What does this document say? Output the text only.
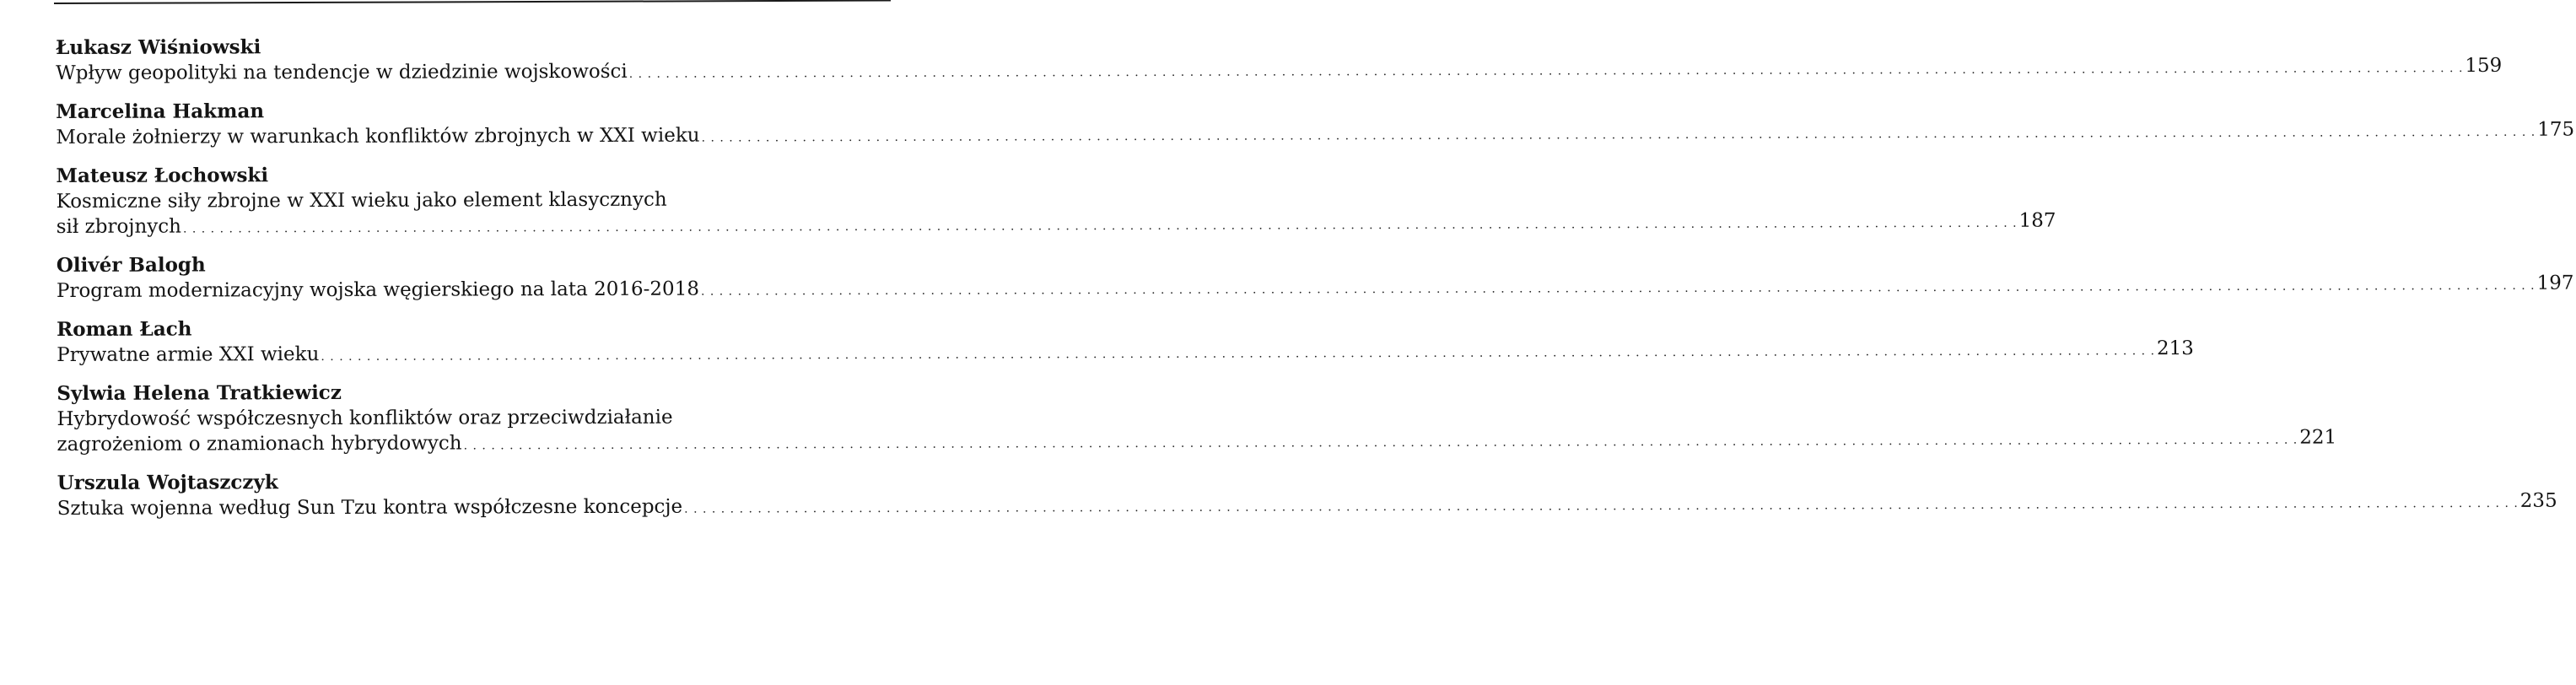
Łukasz Wiśniowski
Wpływ geopolityki na tendencje w dziedzinie wojskowości . . . . . . . . . . . . . . . . . . . . . . . . . . . . . . . . . . . . . . . . . . . . . . . . . . . . . . . . . . . . . . . . . . . . . . . . . . . . . . . . . . . . . . . . . . . . . . . . . . . . . . . . . . . . . . . . . . . . . . . . . . . . . . . . . . . . . . . . . . . . . . . . . . . . . . . . . . . . . . . . . . . . . . . . . . . . . . . . . . . . . . . . . . . . . . . . . . . . . . . . 159
Marcelina Hakman
Morale żołnierzy w warunkach konfliktów zbrojnych w XXI wieku . . . . . . . . . . . . . . . . . . . . . . . . . . . . . . . . . . . . . . . . . . . . . . . . . . . . . . . . . . . . . . . . . . . . . . . . . . . . . . . . . . . . . . . . . . . . . . . . . . . . . . . . . . . . . . . . . . . . . . . . . . . . . . . . . . . . . . . . . . . . . . . . . . . . . . . . . . . . . . . . . . . . . . . . . . . . . . . . . . . . . . . . . . . . . . . . . . . . . . . . 175
Mateusz Łochowski
Kosmiczne siły zbrojne w XXI wieku jako element klasycznych
sił zbrojnych . . . . . . . . . . . . . . . . . . . . . . . . . . . . . . . . . . . . . . . . . . . . . . . . . . . . . . . . . . . . . . . . . . . . . . . . . . . . . . . . . . . . . . . . . . . . . . . . . . . . . . . . . . . . . . . . . . . . . . . . . . . . . . . . . . . . . . . . . . . . . . . . . . . . . . . . . . . . . . . . . . . . . . . . . . . . . . . . . . . . . . . . . . . . . . . . . . . . . . . . 187
Olivér Balogh
Program modernizacyjny wojska węgierskiego na lata 2016-2018 . . . . . . . . . . . . . . . . . . . . . . . . . . . . . . . . . . . . . . . . . . . . . . . . . . . . . . . . . . . . . . . . . . . . . . . . . . . . . . . . . . . . . . . . . . . . . . . . . . . . . . . . . . . . . . . . . . . . . . . . . . . . . . . . . . . . . . . . . . . . . . . . . . . . . . . . . . . . . . . . . . . . . . . . . . . . . . . . . . . . . . . . . . . . . . . . . . . . . . . . 197
Roman Łach
Prywatne armie XXI wieku . . . . . . . . . . . . . . . . . . . . . . . . . . . . . . . . . . . . . . . . . . . . . . . . . . . . . . . . . . . . . . . . . . . . . . . . . . . . . . . . . . . . . . . . . . . . . . . . . . . . . . . . . . . . . . . . . . . . . . . . . . . . . . . . . . . . . . . . . . . . . . . . . . . . . . . . . . . . . . . . . . . . . . . . . . . . . . . . . . . . . . . . . . . . . . . . . . . . . . . . 213
Sylwia Helena Tratkiewicz
Hybrydowość współczesnych konfliktów oraz przeciwdziałanie
zagrożeniom o znamionach hybrydowych . . . . . . . . . . . . . . . . . . . . . . . . . . . . . . . . . . . . . . . . . . . . . . . . . . . . . . . . . . . . . . . . . . . . . . . . . . . . . . . . . . . . . . . . . . . . . . . . . . . . . . . . . . . . . . . . . . . . . . . . . . . . . . . . . . . . . . . . . . . . . . . . . . . . . . . . . . . . . . . . . . . . . . . . . . . . . . . . . . . . . . . . . . . . . . . . . . . . . . . . 221
Urszula Wojtaszczyk
Sztuka wojenna według Sun Tzu kontra współczesne koncepcje . . . . . . . . . . . . . . . . . . . . . . . . . . . . . . . . . . . . . . . . . . . . . . . . . . . . . . . . . . . . . . . . . . . . . . . . . . . . . . . . . . . . . . . . . . . . . . . . . . . . . . . . . . . . . . . . . . . . . . . . . . . . . . . . . . . . . . . . . . . . . . . . . . . . . . . . . . . . . . . . . . . . . . . . . . . . . . . . . . . . . . . . . . . . . . . . . . . . . . . . 235
